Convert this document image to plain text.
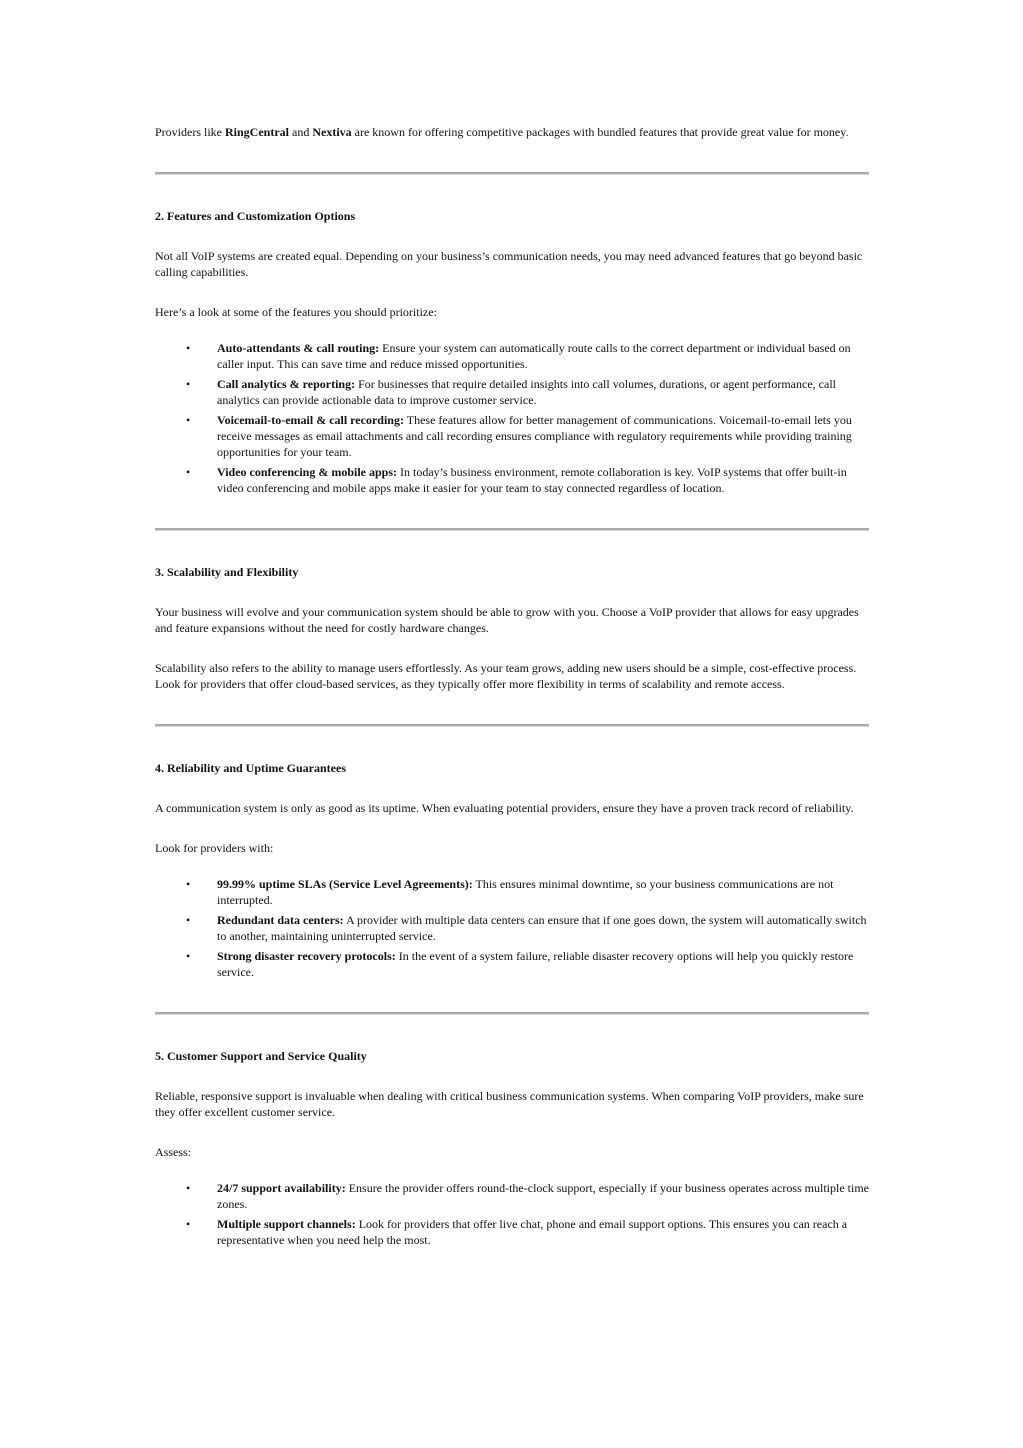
Providers like RingCentral and Nextiva are known for offering competitive packages with bundled features that provide great value for money.

2. Features and Customization Options

Not all VoIP systems are created equal. Depending on your business’s communication needs, you may need advanced features that go beyond basic calling capabilities.

Here’s a look at some of the features you should prioritize:

• Auto-attendants & call routing: Ensure your system can automatically route calls to the correct department or individual based on caller input. This can save time and reduce missed opportunities.
• Call analytics & reporting: For businesses that require detailed insights into call volumes, durations, or agent performance, call analytics can provide actionable data to improve customer service.
• Voicemail-to-email & call recording: These features allow for better management of communications. Voicemail-to-email lets you receive messages as email attachments and call recording ensures compliance with regulatory requirements while providing training opportunities for your team.
• Video conferencing & mobile apps: In today’s business environment, remote collaboration is key. VoIP systems that offer built-in video conferencing and mobile apps make it easier for your team to stay connected regardless of location.

3. Scalability and Flexibility

Your business will evolve and your communication system should be able to grow with you. Choose a VoIP provider that allows for easy upgrades and feature expansions without the need for costly hardware changes.

Scalability also refers to the ability to manage users effortlessly. As your team grows, adding new users should be a simple, cost-effective process. Look for providers that offer cloud-based services, as they typically offer more flexibility in terms of scalability and remote access.

4. Reliability and Uptime Guarantees

A communication system is only as good as its uptime. When evaluating potential providers, ensure they have a proven track record of reliability.

Look for providers with:

• 99.99% uptime SLAs (Service Level Agreements): This ensures minimal downtime, so your business communications are not interrupted.
• Redundant data centers: A provider with multiple data centers can ensure that if one goes down, the system will automatically switch to another, maintaining uninterrupted service.
• Strong disaster recovery protocols: In the event of a system failure, reliable disaster recovery options will help you quickly restore service.

5. Customer Support and Service Quality

Reliable, responsive support is invaluable when dealing with critical business communication systems. When comparing VoIP providers, make sure they offer excellent customer service.

Assess:

• 24/7 support availability: Ensure the provider offers round-the-clock support, especially if your business operates across multiple time zones.
• Multiple support channels: Look for providers that offer live chat, phone and email support options. This ensures you can reach a representative when you need help the most.
